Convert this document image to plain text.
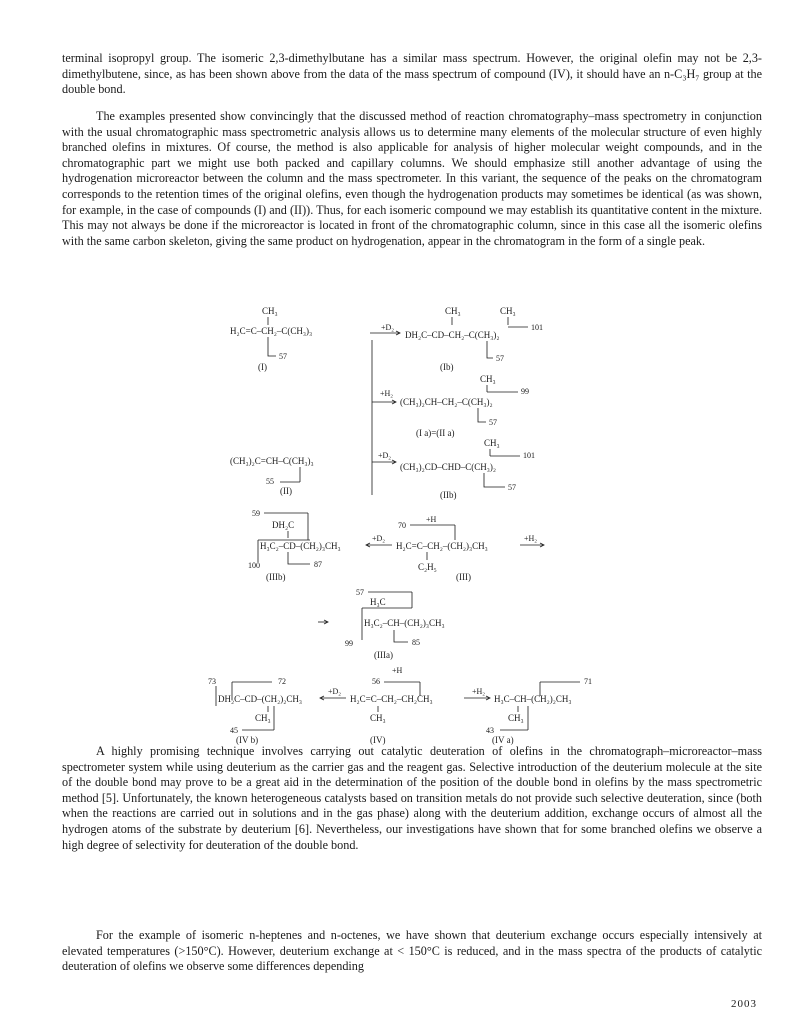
terminal isopropyl group. The isomeric 2,3-dimethylbutane has a similar mass spectrum. However, the original olefin may not be 2,3-dimethylbutene, since, as has been shown above from the data of the mass spectrum of compound (IV), it should have an n-C₃H₇ group at the double bond.

The examples presented show convincingly that the discussed method of reaction chromatography–mass spectrometry in conjunction with the usual chromatographic mass spectrometric analysis allows us to determine many elements of the molecular structure of even highly branched olefins in mixtures. Of course, the method is also applicable for analysis of higher molecular weight compounds, and in the chromatographic part we might use both packed and capillary columns. We should emphasize still another advantage of using the hydrogenation microreactor between the column and the mass spectrometer. In this variant, the sequence of the peaks on the chromatogram corresponds to the retention times of the original olefins, even though the hydrogenation products may sometimes be identical (as was shown, for example, in the case of compounds (I) and (II)). Thus, for each isomeric compound we may establish its quantitative content in the mixture. This may not always be done if the microreactor is located in front of the chromatographic column, since in this case all the isomeric olefins with the same carbon skeleton, giving the same product on hydrogenation, appear in the chromatogram in the form of a single peak.

CH₃
H₂C=C–CH₂–C(CH₃)₃
57
(I)
+D₂
CH₃	CH₃
101
DH₂C–CD–CH₂–C(CH₃)₂
57
(Ib)
+H₂
CH₃
99
(CH₃)₂CH–CH₂–C(CH₃)₂
57
(I a)=(II a)
(CH₃)₂C=CH–C(CH₃)₃
55
(II)
+D₂
CH₃
101
(CH₃)₂CD–CHD–C(CH₃)₂
57
(IIb)
59
DH₂C
H₃C₂–CD–(CH₂)₃CH₃
100	87
(IIIb)
+D₂
70
+H
H₂C=C–CH₂–(CH₂)₃CH₃
C₂H₅
(III)
+H₂
57
H₃C
H₃C₂–CH–(CH₂)₃CH₃
99	85
(IIIa)
73	72
DH₂C–CD–(CH₂)₂CH₃
CH₃
45
(IV b)
+D₂
+H
56
H₂C=C–CH₂–CH₂CH₃
CH₃
(IV)
+H₂
71
H₃C–CH–(CH₂)₂CH₃
CH₃
43
(IV a)

A highly promising technique involves carrying out catalytic deuteration of olefins in the chromatograph–microreactor–mass spectrometer system while using deuterium as the carrier gas and the reagent gas. Selective introduction of the deuterium molecule at the site of the double bond may prove to be a great aid in the determination of the position of the double bond in olefins by the mass spectrometric method [5]. Unfortunately, the known heterogeneous catalysts based on transition metals do not provide such selective deuteration, since (both when the reactions are carried out in solutions and in the gas phase) along with the deuterium addition, exchange occurs of almost all the hydrogen atoms of the substrate by deuterium [6]. Nevertheless, our investigations have shown that for some branched olefins we observe a high degree of selectivity for deuteration of the double bond.

For the example of isomeric n-heptenes and n-octenes, we have shown that deuterium exchange occurs especially intensively at elevated temperatures (>150°C). However, deuterium exchange at < 150°C is reduced, and in the mass spectra of the products of catalytic deuteration of olefins we observe some differences depending

2003
